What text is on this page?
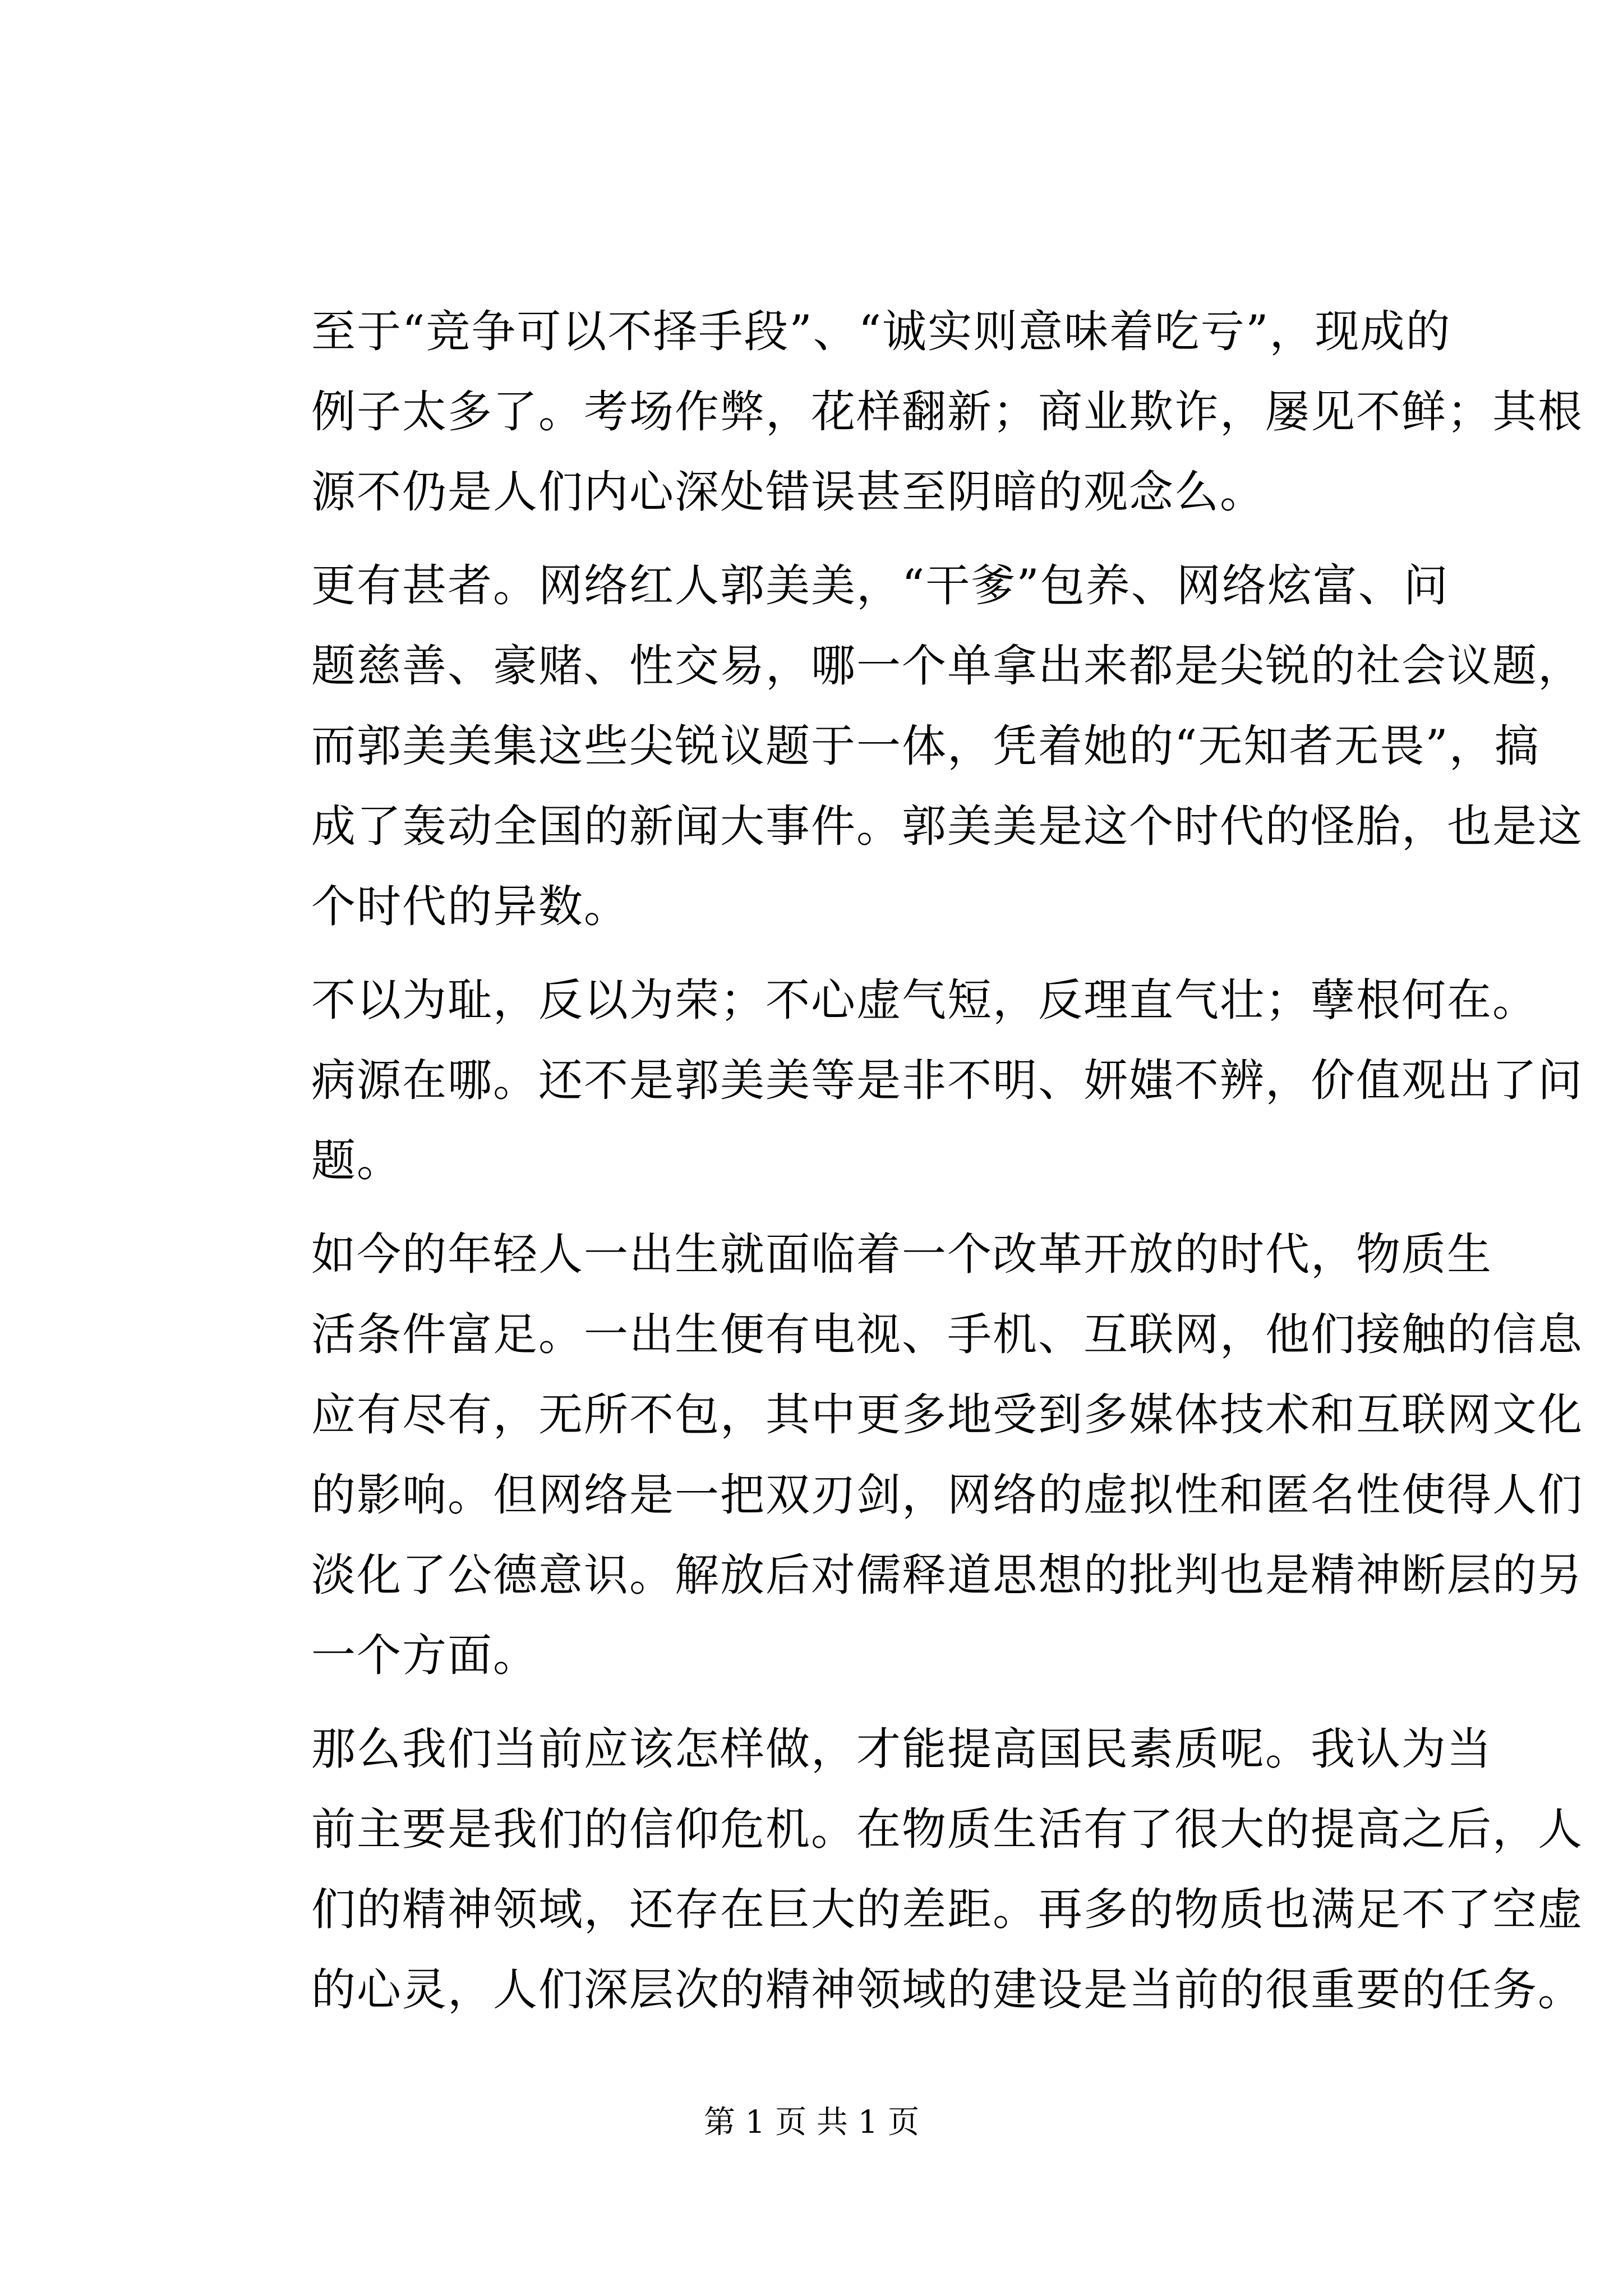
至于“竞争可以不择手段”、“诚实则意味着吃亏”，现成的
例子太多了。考场作弊，花样翻新；商业欺诈，屡见不鲜；其根
源不仍是人们内心深处错误甚至阴暗的观念么。

更有甚者。网络红人郭美美，“干爹”包养、网络炫富、问
题慈善、豪赌、性交易，哪一个单拿出来都是尖锐的社会议题，
而郭美美集这些尖锐议题于一体，凭着她的“无知者无畏”，搞
成了轰动全国的新闻大事件。郭美美是这个时代的怪胎，也是这
个时代的异数。

不以为耻，反以为荣；不心虚气短，反理直气壮；孽根何在。
病源在哪。还不是郭美美等是非不明、妍媸不辨，价值观出了问
题。

如今的年轻人一出生就面临着一个改革开放的时代，物质生
活条件富足。一出生便有电视、手机、互联网，他们接触的信息
应有尽有，无所不包，其中更多地受到多媒体技术和互联网文化
的影响。但网络是一把双刃剑，网络的虚拟性和匿名性使得人们
淡化了公德意识。解放后对儒释道思想的批判也是精神断层的另
一个方面。

那么我们当前应该怎样做，才能提高国民素质呢。我认为当
前主要是我们的信仰危机。在物质生活有了很大的提高之后，人
们的精神领域，还存在巨大的差距。再多的物质也满足不了空虚
的心灵，人们深层次的精神领域的建设是当前的很重要的任务。

第 1 页 共 1 页
